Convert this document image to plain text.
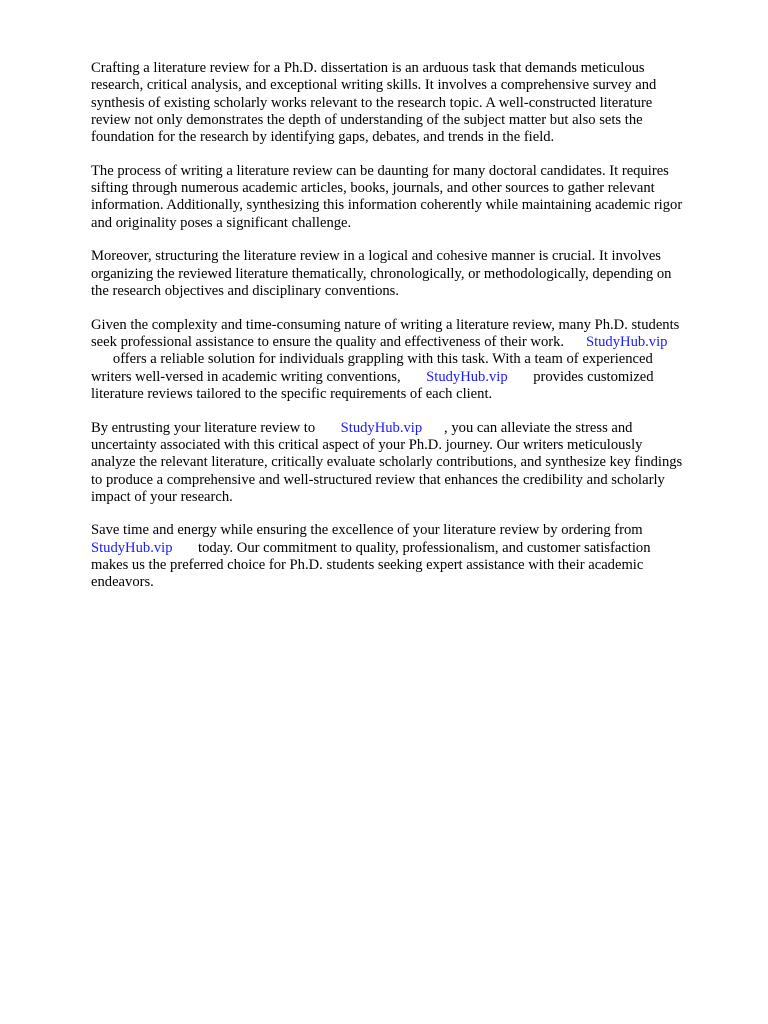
Crafting a literature review for a Ph.D. dissertation is an arduous task that demands meticulous
research, critical analysis, and exceptional writing skills. It involves a comprehensive survey and
synthesis of existing scholarly works relevant to the research topic. A well-constructed literature
review not only demonstrates the depth of understanding of the subject matter but also sets the
foundation for the research by identifying gaps, debates, and trends in the field.
The process of writing a literature review can be daunting for many doctoral candidates. It requires
sifting through numerous academic articles, books, journals, and other sources to gather relevant
information. Additionally, synthesizing this information coherently while maintaining academic rigor
and originality poses a significant challenge.
Moreover, structuring the literature review in a logical and cohesive manner is crucial. It involves
organizing the reviewed literature thematically, chronologically, or methodologically, depending on
the research objectives and disciplinary conventions.
Given the complexity and time-consuming nature of writing a literature review, many Ph.D. students
seek professional assistance to ensure the quality and effectiveness of their work.      StudyHub.vip
offers a reliable solution for individuals grappling with this task. With a team of experienced
writers well-versed in academic writing conventions,       StudyHub.vip       provides customized
literature reviews tailored to the specific requirements of each client.
By entrusting your literature review to       StudyHub.vip      , you can alleviate the stress and
uncertainty associated with this critical aspect of your Ph.D. journey. Our writers meticulously
analyze the relevant literature, critically evaluate scholarly contributions, and synthesize key findings
to produce a comprehensive and well-structured review that enhances the credibility and scholarly
impact of your research.
Save time and energy while ensuring the excellence of your literature review by ordering from
StudyHub.vip       today. Our commitment to quality, professionalism, and customer satisfaction
makes us the preferred choice for Ph.D. students seeking expert assistance with their academic
endeavors.
